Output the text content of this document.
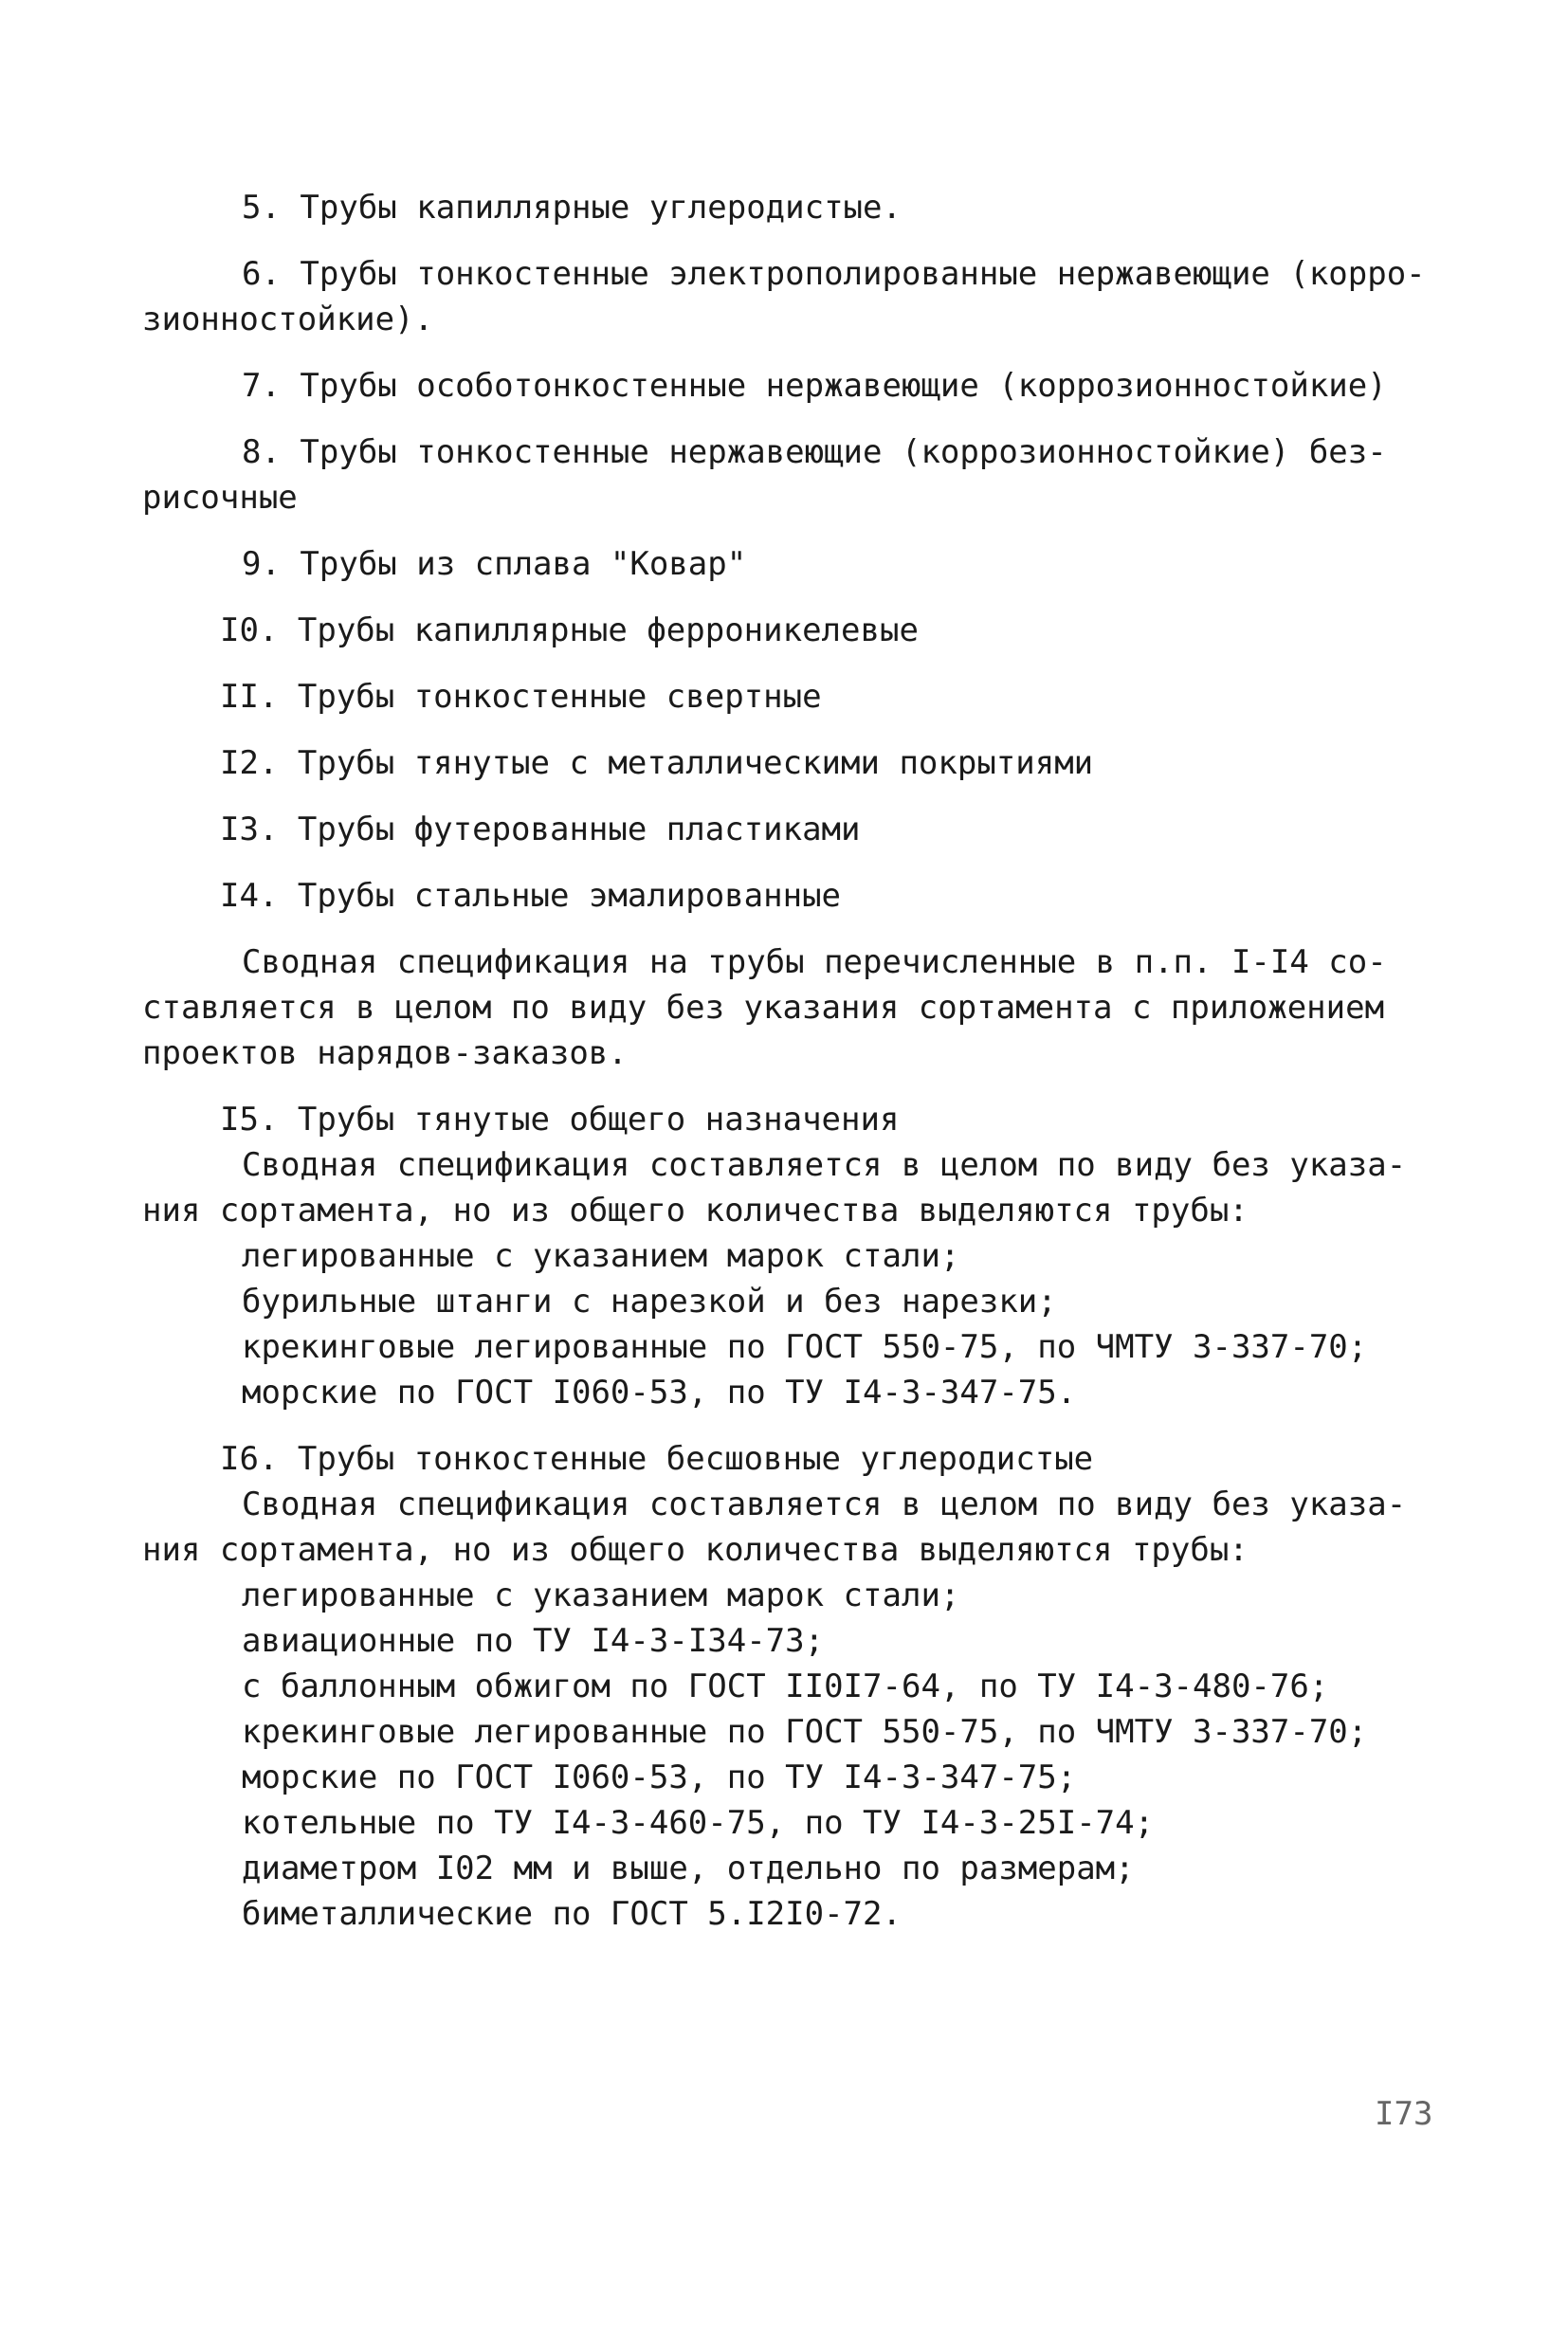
5. Трубы капиллярные углеродистые.
6. Трубы тонкостенные электрополированные нержавеющие (корро-
зионностойкие).
7. Трубы особотонкостенные нержавеющие (коррозионностойкие)
8. Трубы тонкостенные нержавеющие (коррозионностойкие) без-
рисочные
9. Трубы из сплава "Ковар"
I0. Трубы капиллярные ферроникелевые
II. Трубы тонкостенные свертные
I2. Трубы тянутые с металлическими покрытиями
I3. Трубы футерованные пластиками
I4. Трубы стальные эмалированные
Сводная спецификация на трубы перечисленные в п.п. I-I4 со-
ставляется в целом по виду без указания сортамента с приложением
проектов нарядов-заказов.
I5. Трубы тянутые общего назначения
Сводная спецификация составляется в целом по виду без указа-
ния сортамента, но из общего количества выделяются трубы:
легированные с указанием марок стали;
бурильные штанги с нарезкой и без нарезки;
крекинговые легированные по ГОСТ 550-75, по ЧМТУ 3-337-70;
морские по ГОСТ I060-53, по ТУ I4-3-347-75.
I6. Трубы тонкостенные бесшовные углеродистые
Сводная спецификация составляется в целом по виду без указа-
ния сортамента, но из общего количества выделяются трубы:
легированные с указанием марок стали;
авиационные по ТУ I4-3-I34-73;
с баллонным обжигом по ГОСТ II0I7-64, по ТУ I4-3-480-76;
крекинговые легированные по ГОСТ 550-75, по ЧМТУ 3-337-70;
морские по ГОСТ I060-53, по ТУ I4-3-347-75;
котельные по ТУ I4-3-460-75, по ТУ I4-3-25I-74;
диаметром I02 мм и выше, отдельно по размерам;
биметаллические по ГОСТ 5.I2I0-72.
I73
